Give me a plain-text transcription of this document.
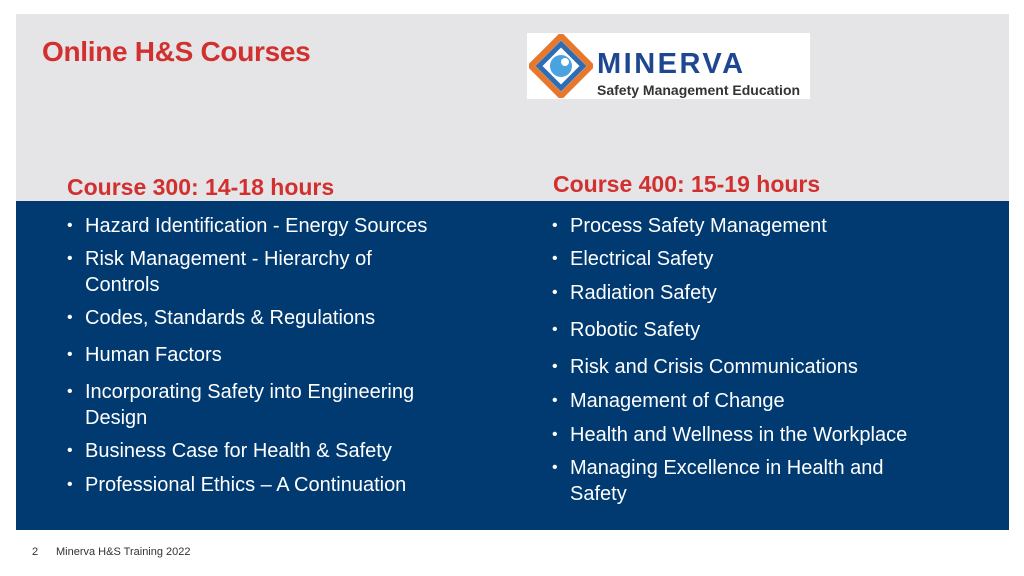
Online H&S Courses	MINERVA
Safety Management Education
Course 300: 14-18 hours	Course 400: 15-19 hours
• Hazard Identification - Energy Sources
• Risk Management - Hierarchy of
Controls
• Codes, Standards & Regulations
• Human Factors
• Incorporating Safety into Engineering
Design
• Business Case for Health & Safety
• Professional Ethics – A Continuation
• Process Safety Management
• Electrical Safety
• Radiation Safety
• Robotic Safety
• Risk and Crisis Communications
• Management of Change
• Health and Wellness in the Workplace
• Managing Excellence in Health and
Safety
2 Minerva H&S Training 2022
